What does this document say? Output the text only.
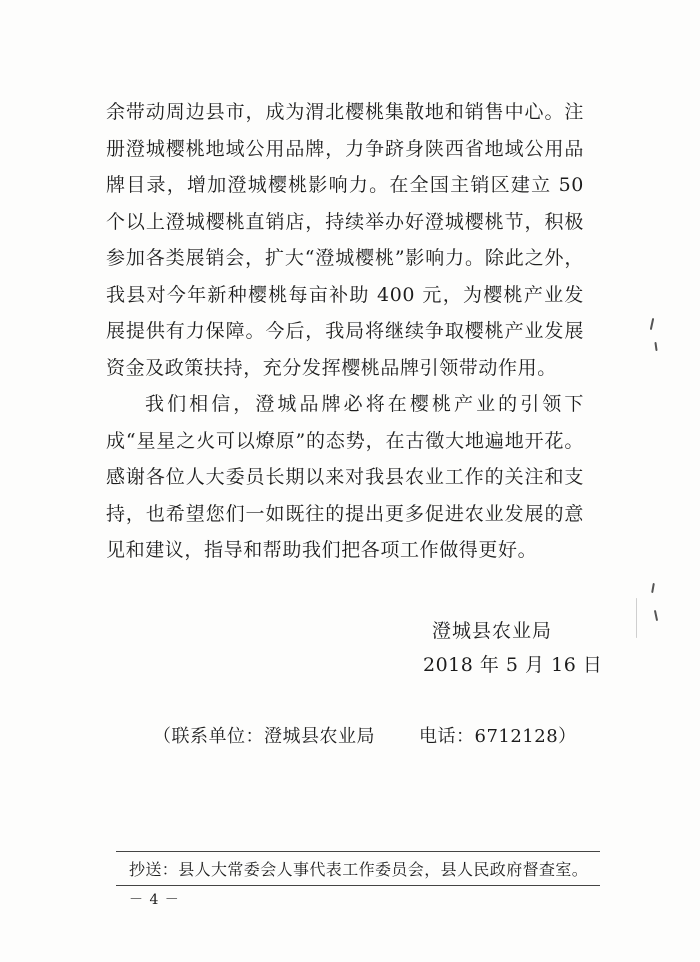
余带动周边县市，成为渭北樱桃集散地和销售中心。注册澄城樱桃地域公用品牌，力争跻身陕西省地域公用品牌目录，增加澄城樱桃影响力。在全国主销区建立 50 个以上澄城樱桃直销店，持续举办好澄城樱桃节，积极参加各类展销会，扩大“澄城樱桃”影响力。除此之外，我县对今年新种樱桃每亩补助 400 元，为樱桃产业发展提供有力保障。今后，我局将继续争取樱桃产业发展资金及政策扶持，充分发挥樱桃品牌引领带动作用。

我们相信，澄城品牌必将在樱桃产业的引领下成“星星之火可以燎原”的态势，在古徵大地遍地开花。感谢各位人大委员长期以来对我县农业工作的关注和支持，也希望您们一如既往的提出更多促进农业发展的意见和建议，指导和帮助我们把各项工作做得更好。

澄城县农业局
2018 年 5 月 16 日
（联系单位：澄城县农业局 电话：6712128）
抄送：县人大常委会人事代表工作委员会，县人民政府督查室。
－ 4 －
